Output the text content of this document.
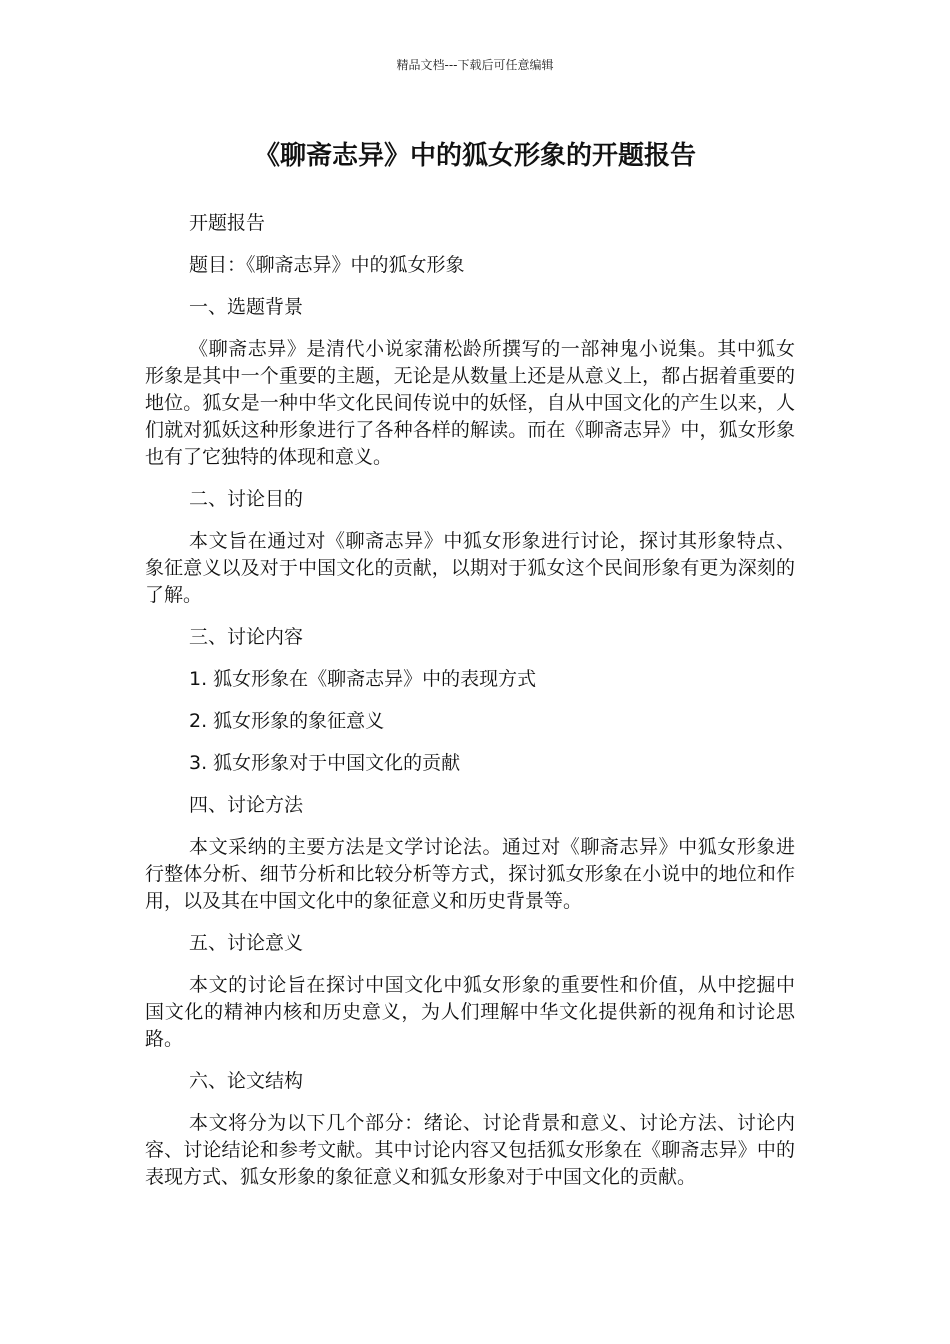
精品文档---下载后可任意编辑
《聊斋志异》中的狐女形象的开题报告
开题报告
题目：《聊斋志异》中的狐女形象
一、选题背景
《聊斋志异》是清代小说家蒲松龄所撰写的一部神鬼小说集。其中狐女形象是其中一个重要的主题，无论是从数量上还是从意义上，都占据着重要的地位。狐女是一种中华文化民间传说中的妖怪，自从中国文化的产生以来，人们就对狐妖这种形象进行了各种各样的解读。而在《聊斋志异》中，狐女形象也有了它独特的体现和意义。
二、讨论目的
本文旨在通过对《聊斋志异》中狐女形象进行讨论，探讨其形象特点、象征意义以及对于中国文化的贡献，以期对于狐女这个民间形象有更为深刻的了解。
三、讨论内容
1. 狐女形象在《聊斋志异》中的表现方式
2. 狐女形象的象征意义
3. 狐女形象对于中国文化的贡献
四、讨论方法
本文采纳的主要方法是文学讨论法。通过对《聊斋志异》中狐女形象进行整体分析、细节分析和比较分析等方式，探讨狐女形象在小说中的地位和作用，以及其在中国文化中的象征意义和历史背景等。
五、讨论意义
本文的讨论旨在探讨中国文化中狐女形象的重要性和价值，从中挖掘中国文化的精神内核和历史意义，为人们理解中华文化提供新的视角和讨论思路。
六、论文结构
本文将分为以下几个部分：绪论、讨论背景和意义、讨论方法、讨论内容、讨论结论和参考文献。其中讨论内容又包括狐女形象在《聊斋志异》中的表现方式、狐女形象的象征意义和狐女形象对于中国文化的贡献。
